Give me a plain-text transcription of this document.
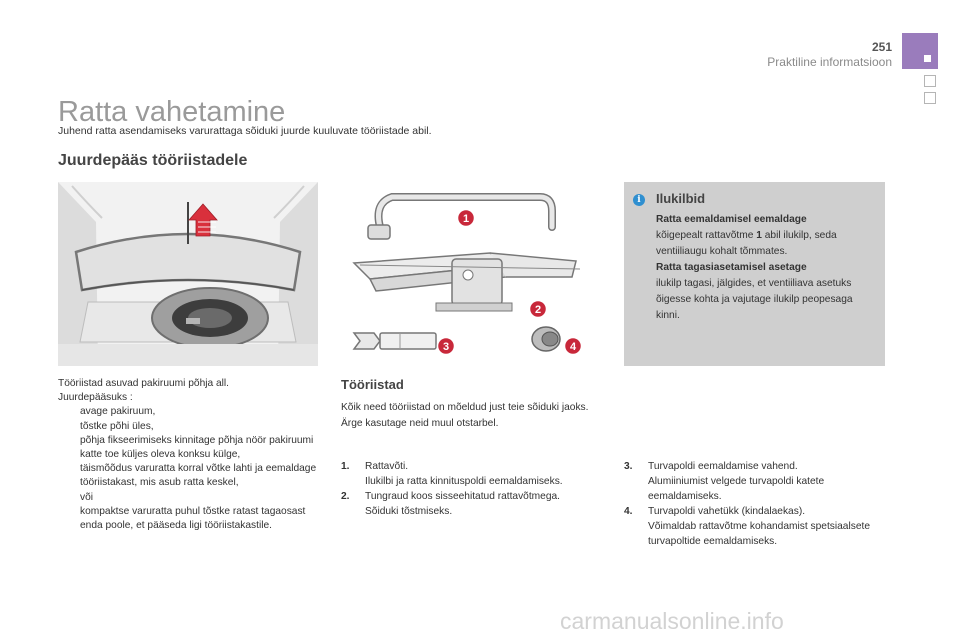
251
Praktiline informatsioon
Ratta vahetamine
Juhend ratta asendamiseks varurattaga sõiduki juurde kuuluvate tööriistade abil.
Juurdepääs tööriistadele
1
2
3	4
i	Ilukilbid
Ratta eemaldamisel eemaldage
kõigepealt rattavõtme 1 abil ilukilp, seda ventiiliaugu kohalt tõmmates.
Ratta tagasiasetamisel asetage
ilukilp tagasi, jälgides, et ventiiliava asetuks õigesse kohta ja vajutage ilukilp peopesaga kinni.
Tööriistad asuvad pakiruumi põhja all.
Juurdepääsuks :
avage pakiruum,
tõstke põhi üles,
põhja fikseerimiseks kinnitage põhja nöör pakiruumi katte toe küljes oleva konksu külge,
täismõõdus varuratta korral võtke lahti ja eemaldage tööriistakast, mis asub ratta keskel,
või
kompaktse varuratta puhul tõstke ratast tagaosast enda poole, et pääseda ligi tööriistakastile.
Tööriistad
Kõik need tööriistad on mõeldud just teie sõiduki jaoks. Ärge kasutage neid muul otstarbel.
1. Rattavõti.
Ilukilbi ja ratta kinnituspoldi eemaldamiseks.
2. Tungraud koos sisseehitatud rattavõtmega.
Sõiduki tõstmiseks.
3. Turvapoldi eemaldamise vahend.
Alumiiniumist velgede turvapoldi katete eemaldamiseks.
4. Turvapoldi vahetükk (kindalaekas).
Võimaldab rattavõtme kohandamist spetsiaalsete turvapoltide eemaldamiseks.
carmanualsonline.info
